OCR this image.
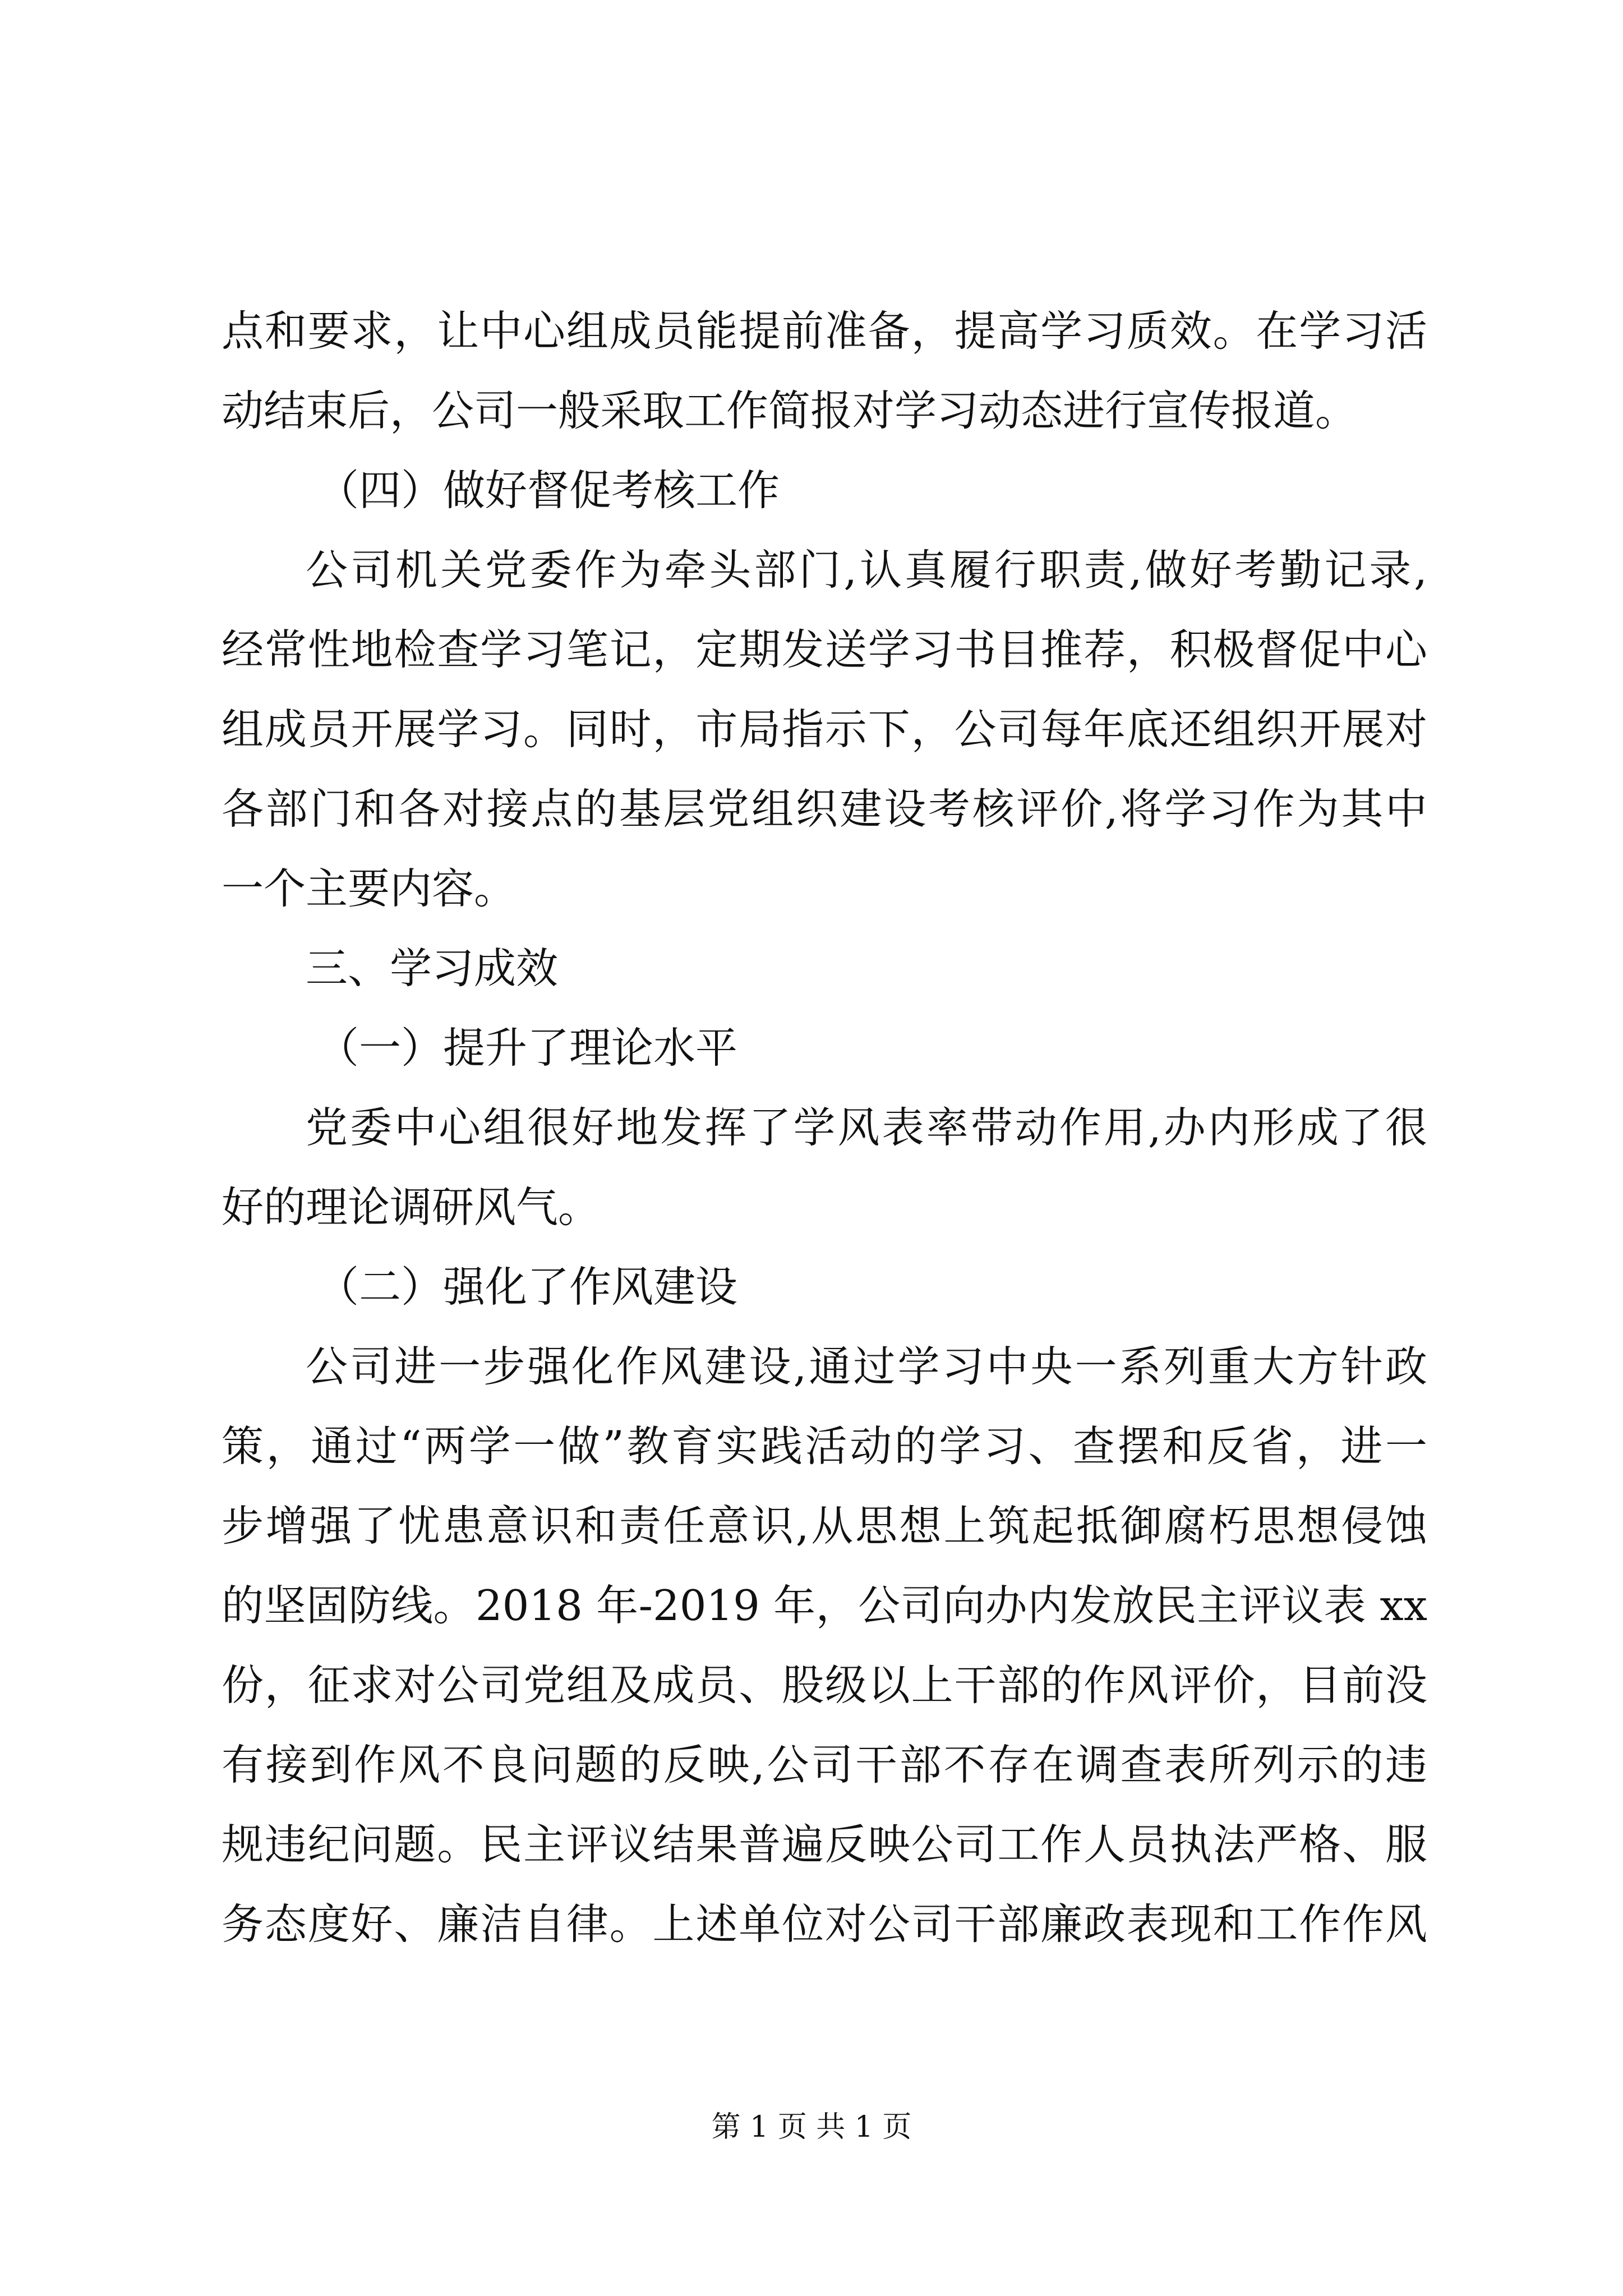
点和要求，让中心组成员能提前准备，提高学习质效。在学习活
动结束后，公司一般采取工作简报对学习动态进行宣传报道。
（四）做好督促考核工作
公司机关党委作为牵头部门,认真履行职责,做好考勤记录,
经常性地检查学习笔记，定期发送学习书目推荐，积极督促中心
组成员开展学习。同时，市局指示下，公司每年底还组织开展对
各部门和各对接点的基层党组织建设考核评价,将学习作为其中
一个主要内容。
三、学习成效
（一）提升了理论水平
党委中心组很好地发挥了学风表率带动作用,办内形成了很
好的理论调研风气。
（二）强化了作风建设
公司进一步强化作风建设,通过学习中央一系列重大方针政
策，通过“两学一做”教育实践活动的学习、查摆和反省，进一
步增强了忧患意识和责任意识,从思想上筑起抵御腐朽思想侵蚀
的坚固防线。2018 年-2019 年，公司向办内发放民主评议表 xx
份，征求对公司党组及成员、股级以上干部的作风评价，目前没
有接到作风不良问题的反映,公司干部不存在调查表所列示的违
规违纪问题。民主评议结果普遍反映公司工作人员执法严格、服
务态度好、廉洁自律。上述单位对公司干部廉政表现和工作作风
第 1 页 共 1 页
